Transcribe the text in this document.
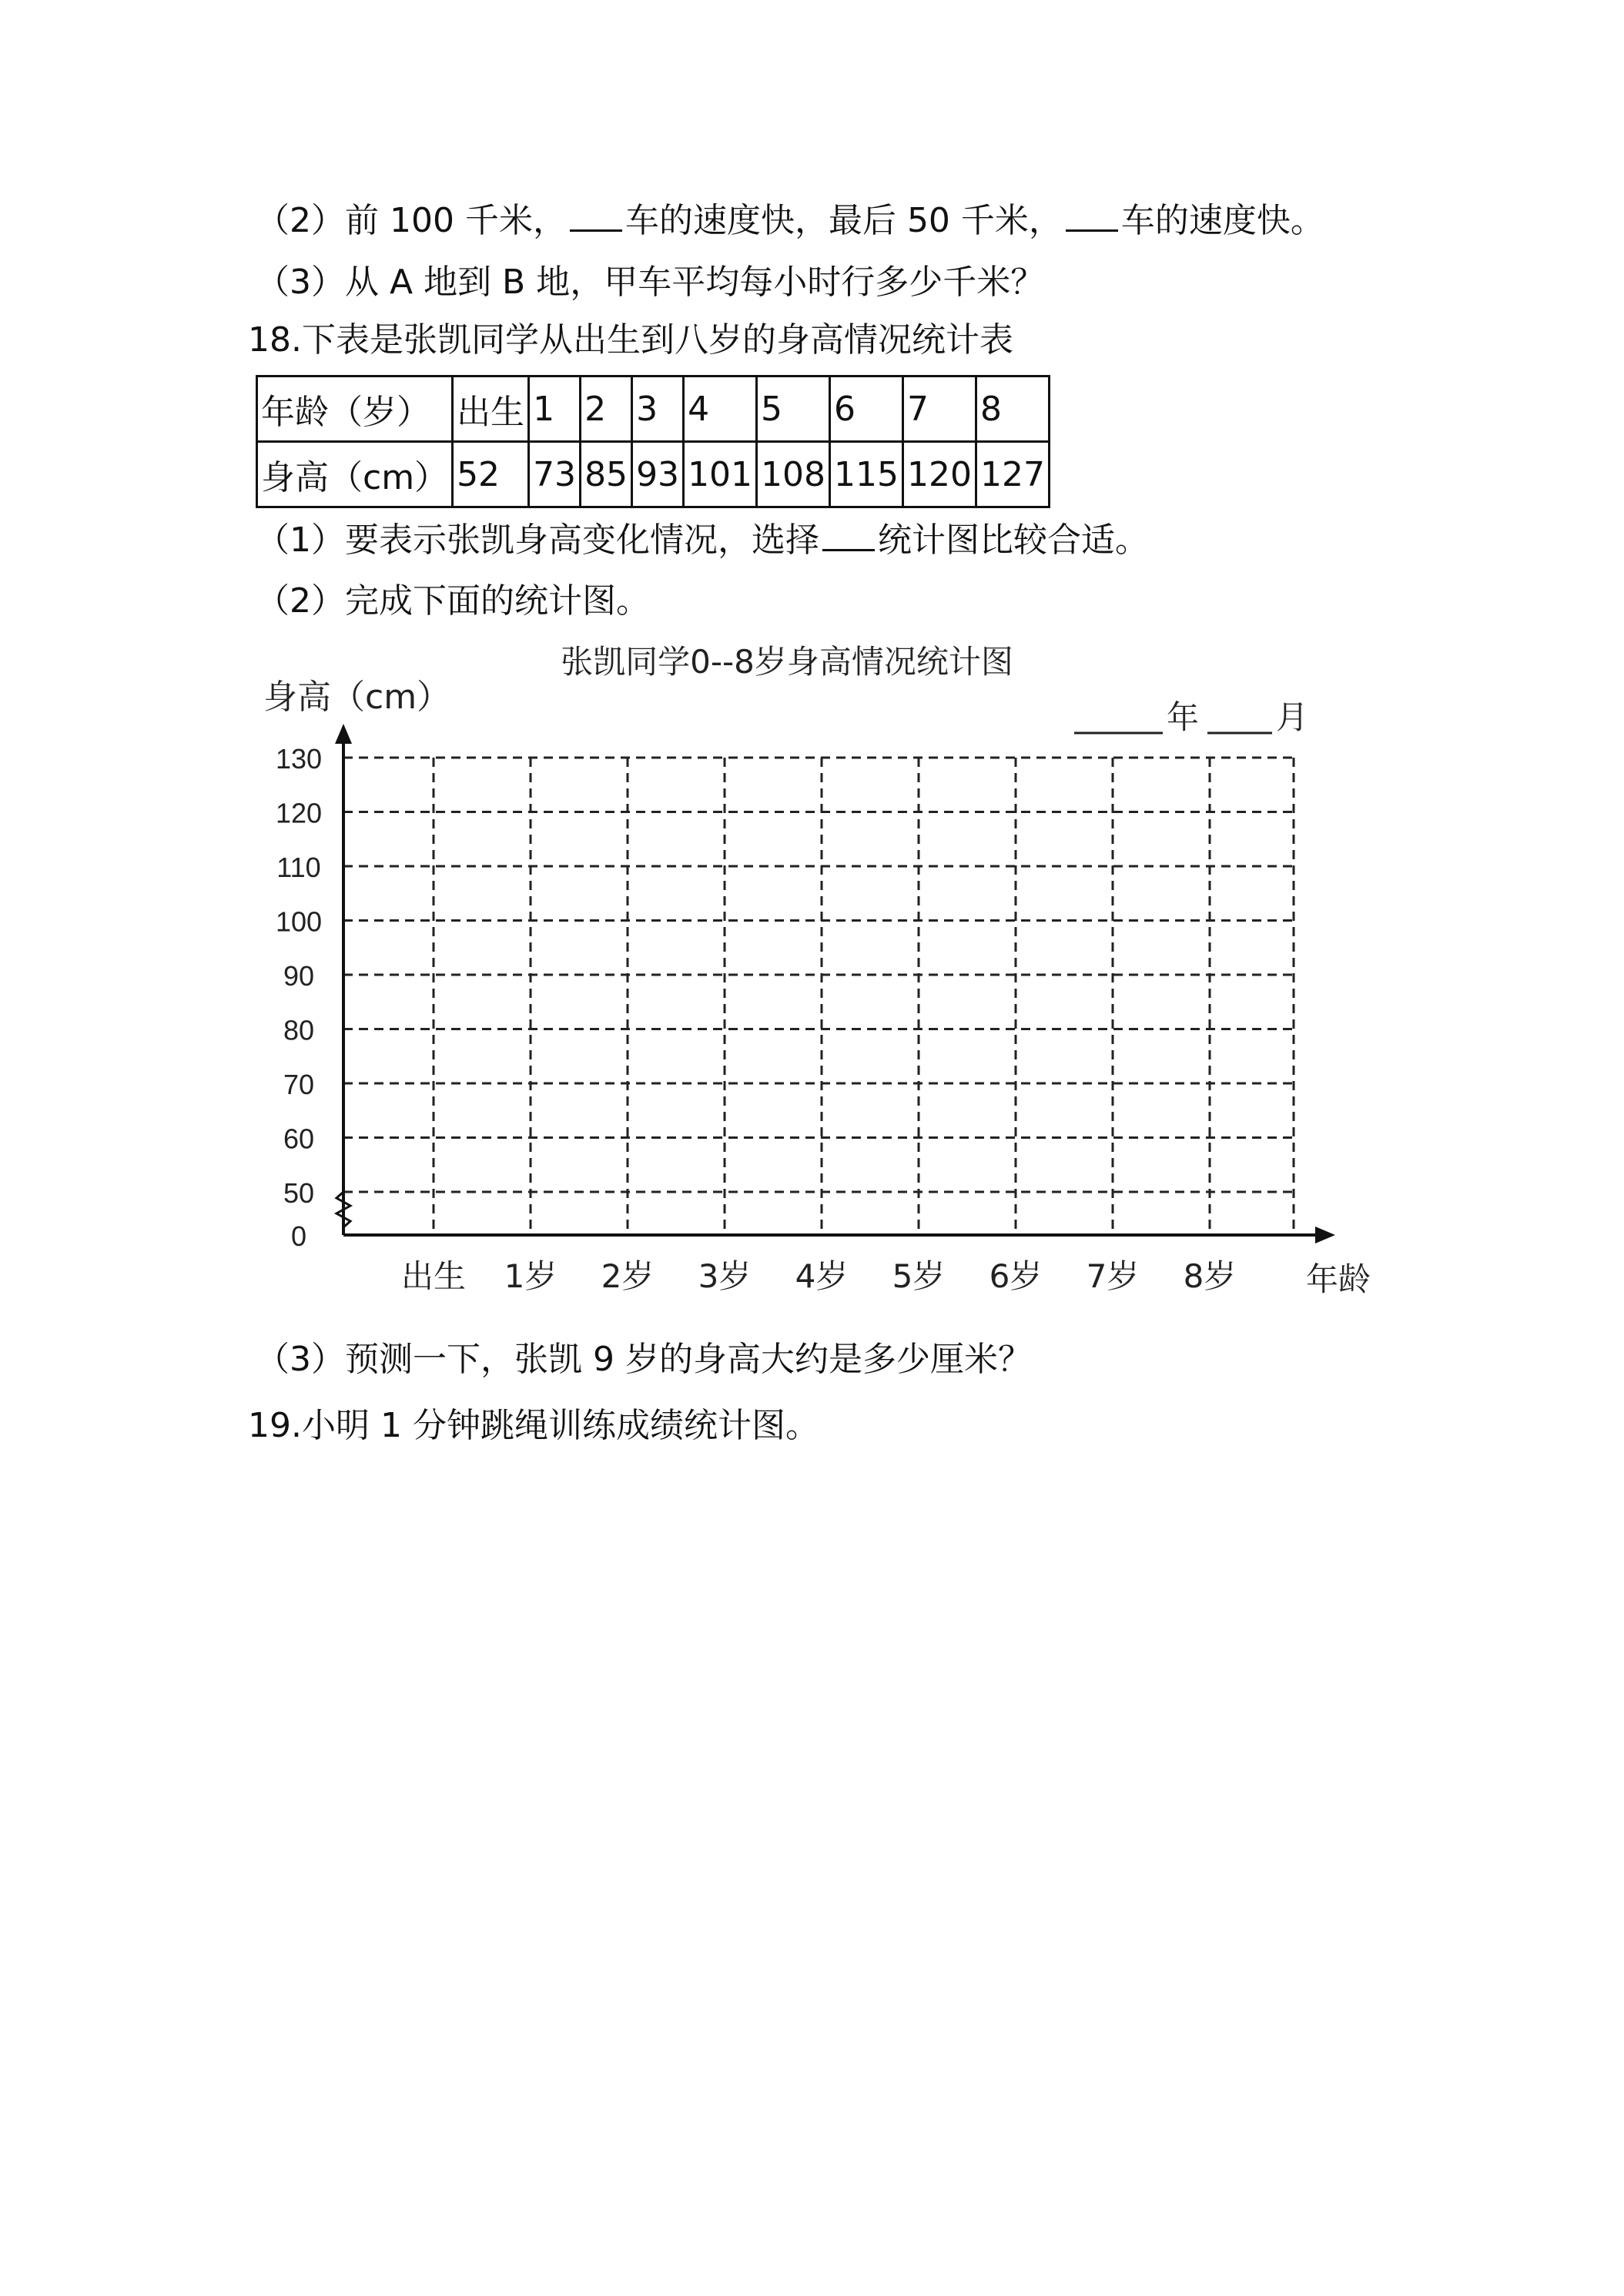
（2）前 100 千米， 车的速度快，最后 50 千米， 车的速度快。
（3）从 A 地到 B 地，甲车平均每小时行多少千米？
18.下表是张凯同学从出生到八岁的身高情况统计表
年龄（岁）	出生	1	2	3	4	5	6	7	8
身高（cm）	52	73	85	93	101	108	115	120	127
（1）要表示张凯身高变化情况，选择 统计图比较合适。
（2）完成下面的统计图。
张凯同学0--8岁身高情况统计图
身高（cm）
年 月
130
120
110
100
90
80
70
60
50
0
出生 1岁 2岁 3岁 4岁 5岁 6岁 7岁 8岁 年龄
（3）预测一下，张凯 9 岁的身高大约是多少厘米？
19.小明 1 分钟跳绳训练成绩统计图。
